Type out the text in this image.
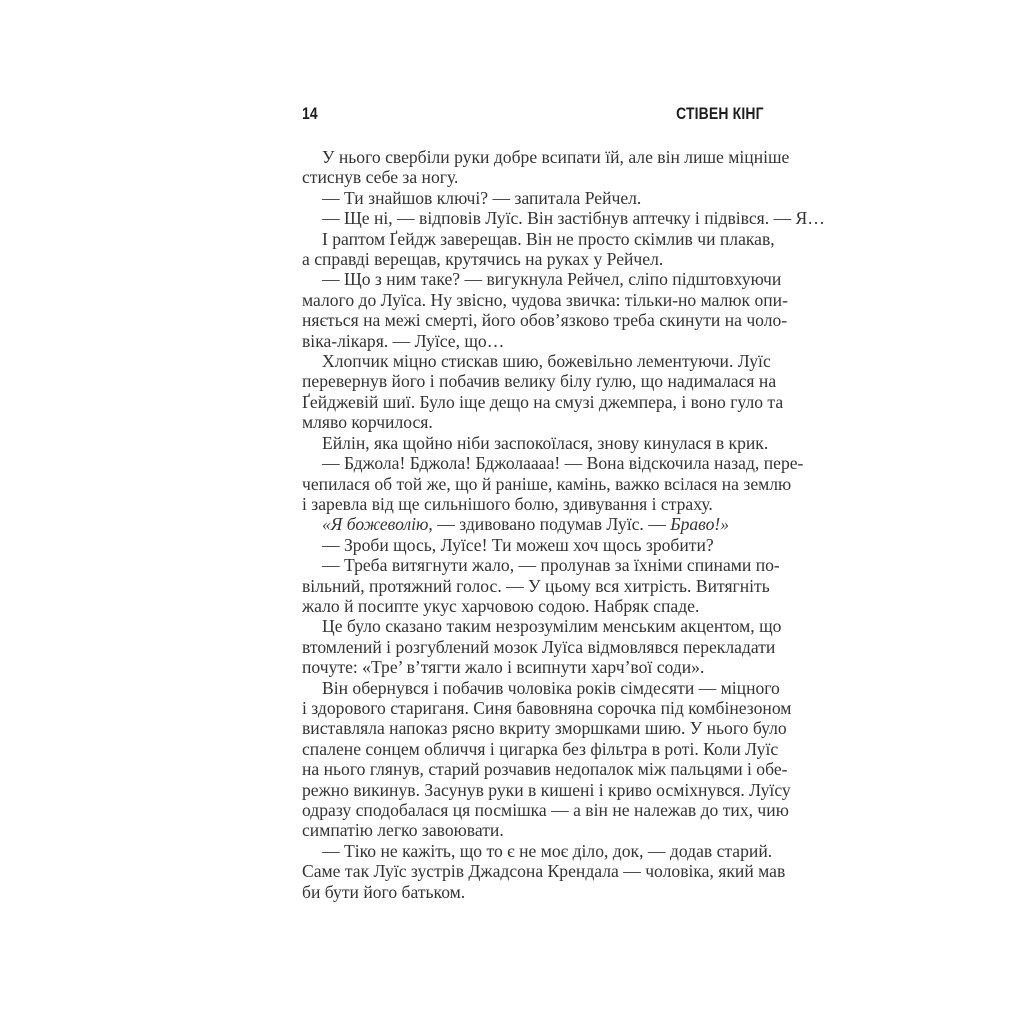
14	СТІВЕН КІНГ
У нього свербіли руки добре всипати їй, але він лише міцніше
стиснув себе за ногу.
— Ти знайшов ключі? — запитала Рейчел.
— Ще ні, — відповів Луїс. Він застібнув аптечку і підвівся. — Я…
І раптом Ґейдж заверещав. Він не просто скімлив чи плакав,
а справді верещав, крутячись на руках у Рейчел.
— Що з ним таке? — вигукнула Рейчел, сліпо підштовхуючи
малого до Луїса. Ну звісно, чудова звичка: тільки-но малюк опи-
няється на межі смерті, його обов’язково треба скинути на чоло-
віка-лікаря. — Луїсе, що…
Хлопчик міцно стискав шию, божевільно лементуючи. Луїс
перевернув його і побачив велику білу ґулю, що надималася на
Ґейджевій шиї. Було іще дещо на смузі джемпера, і воно гуло та
мляво корчилося.
Ейлін, яка щойно ніби заспокоїлася, знову кинулася в крик.
— Бджола! Бджола! Бджолаааа! — Вона відскочила назад, пере-
чепилася об той же, що й раніше, камінь, важко всілася на землю
і заревла від ще сильнішого болю, здивування і страху.
«Я божеволію, — здивовано подумав Луїс. — Браво!»
— Зроби щось, Луїсе! Ти можеш хоч щось зробити?
— Треба витягнути жало, — пролунав за їхніми спинами по-
вільний, протяжний голос. — У цьому вся хитрість. Витягніть
жало й посипте укус харчовою содою. Набряк спаде.
Це було сказано таким незрозумілим менським акцентом, що
втомлений і розгублений мозок Луїса відмовлявся перекладати
почуте: «Тре’ в’тягти жало і всипнути харч’вої соди».
Він обернувся і побачив чоловіка років сімдесяти — міцного
і здорового стариганя. Синя бавовняна сорочка під комбінезоном
виставляла напоказ рясно вкриту зморшками шию. У нього було
спалене сонцем обличчя і цигарка без фільтра в роті. Коли Луїс
на нього глянув, старий розчавив недопалок між пальцями і обе-
режно викинув. Засунув руки в кишені і криво осміхнувся. Луїсу
одразу сподобалася ця посмішка — а він не належав до тих, чию
симпатію легко завоювати.
— Тіко не кажіть, що то є не моє діло, док, — додав старий.
Саме так Луїс зустрів Джадсона Крендала — чоловіка, який мав
би бути його батьком.
